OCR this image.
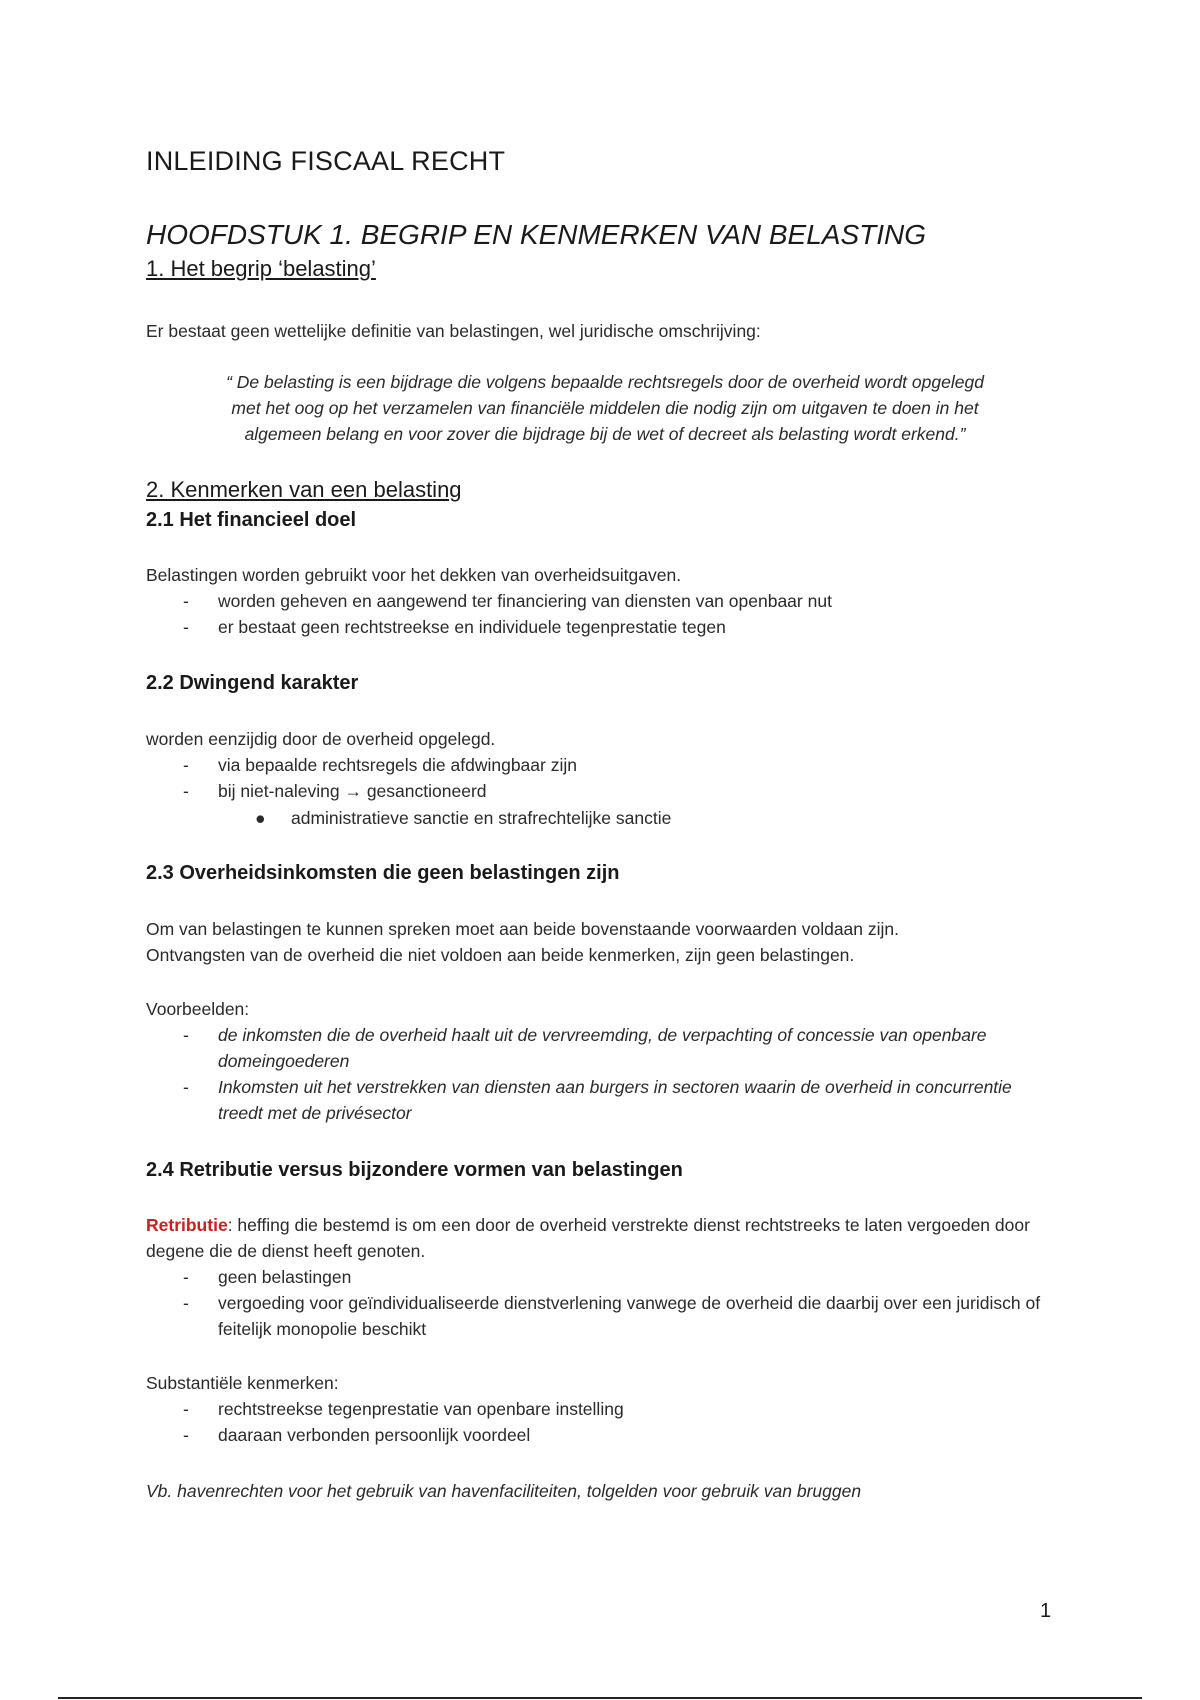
INLEIDING FISCAAL RECHT
HOOFDSTUK 1. BEGRIP EN KENMERKEN VAN BELASTING
1. Het begrip ‘belasting’

Er bestaat geen wettelijke definitie van belastingen, wel juridische omschrijving:

“ De belasting is een bijdrage die volgens bepaalde rechtsregels door de overheid wordt opgelegd
met het oog op het verzamelen van financiële middelen die nodig zijn om uitgaven te doen in het
algemeen belang en voor zover die bijdrage bij de wet of decreet als belasting wordt erkend.”
2. Kenmerken van een belasting
2.1 Het financieel doel

Belastingen worden gebruikt voor het dekken van overheidsuitgaven.

- worden geheven en aangewend ter financiering van diensten van openbaar nut
- er bestaat geen rechtstreekse en individuele tegenprestatie tegen
2.2 Dwingend karakter

worden eenzijdig door de overheid opgelegd.

- via bepaalde rechtsregels die afdwingbaar zijn
- bij niet-naleving → gesanctioneerd
● administratieve sanctie en strafrechtelijke sanctie
2.3 Overheidsinkomsten die geen belastingen zijn
Om van belastingen te kunnen spreken moet aan beide bovenstaande voorwaarden voldaan zijn.
Ontvangsten van de overheid die niet voldoen aan beide kenmerken, zijn geen belastingen.

Voorbeelden:

- de inkomsten die de overheid haalt uit de vervreemding, de verpachting of concessie van openbare domeingoederen
- Inkomsten uit het verstrekken van diensten aan burgers in sectoren waarin de overheid in concurrentie treedt met de privésector
2.4 Retributie versus bijzondere vormen van belastingen

Retributie: heffing die bestemd is om een door de overheid verstrekte dienst rechtstreeks te laten vergoeden door degene die de dienst heeft genoten.

- geen belastingen
- vergoeding voor geïndividualiseerde dienstverlening vanwege de overheid die daarbij over een juridisch of feitelijk monopolie beschikt

Substantiële kenmerken:

- rechtstreekse tegenprestatie van openbare instelling
- daaraan verbonden persoonlijk voordeel

Vb. havenrechten voor het gebruik van havenfaciliteiten, tolgelden voor gebruik van bruggen

1
